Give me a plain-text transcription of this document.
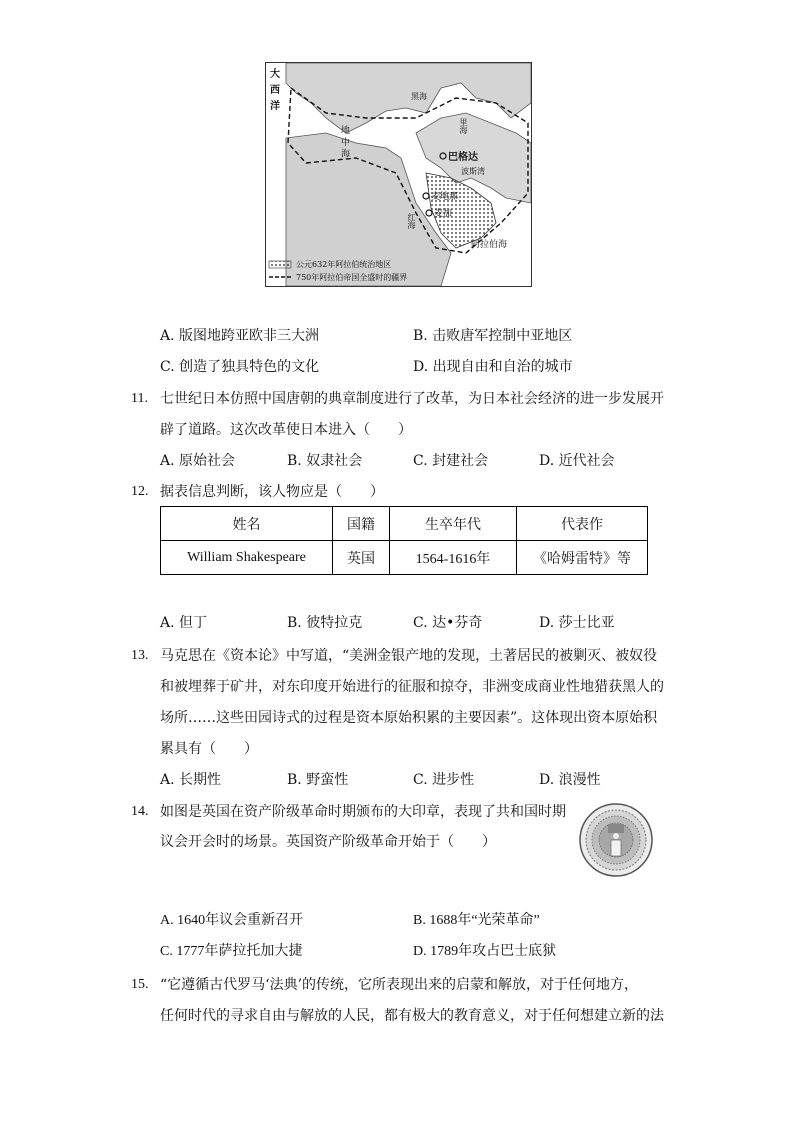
大
西
洋
巴格达
麦地那
麦加
阿拉伯海
地 中 海
红海
黑海
里海
波斯湾
公元632年阿拉伯统治地区
750年阿拉伯帝国全盛时的疆界
A. 版图地跨亚欧非三大洲	B. 击败唐军控制中亚地区
C. 创造了独具特色的文化	D. 出现自由和自治的城市
11. 七世纪日本仿照中国唐朝的典章制度进行了改革，为日本社会经济的进一步发展开
辟了道路。这次改革使日本进入（　　）
A. 原始社会	B. 奴隶社会	C. 封建社会	D. 近代社会
12. 据表信息判断，该人物应是（　　）
姓名	国籍	生卒年代	代表作
William Shakespeare	英国	1564-1616年	《哈姆雷特》等
A. 但丁	B. 彼特拉克	C. 达•芬奇	D. 莎士比亚
13. 马克思在《资本论》中写道，“美洲金银产地的发现，土著居民的被剿灭、被奴役
和被埋葬于矿井，对东印度开始进行的征服和掠夺，非洲变成商业性地猎获黑人的
场所……这些田园诗式的过程是资本原始积累的主要因素”。这体现出资本原始积
累具有（　　）
A. 长期性	B. 野蛮性	C. 进步性	D. 浪漫性
14. 如图是英国在资产阶级革命时期颁布的大印章，表现了共和国时期
议会开会时的场景。英国资产阶级革命开始于（　　）
A. 1640年议会重新召开	B. 1688年“光荣革命”
C. 1777年萨拉托加大捷	D. 1789年攻占巴士底狱
15. “它遵循古代罗马‘法典’的传统，它所表现出来的启蒙和解放，对于任何地方，
任何时代的寻求自由与解放的人民，都有极大的教育意义，对于任何想建立新的法
